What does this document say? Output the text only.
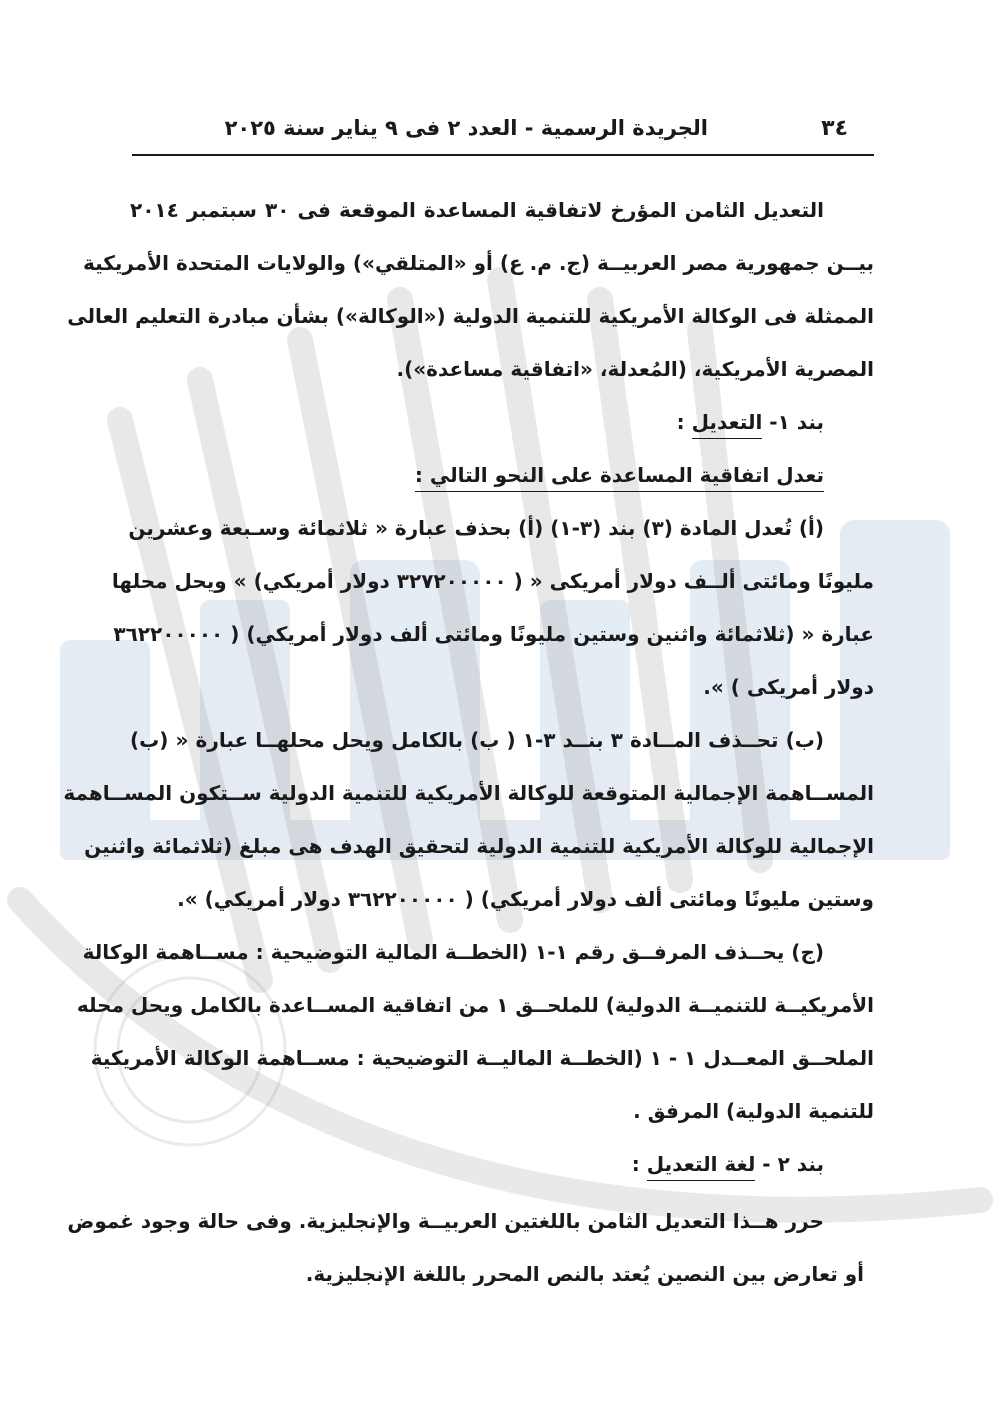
٣٤
الجريدة الرسمية - العدد ٢ فى ٩ يناير سنة ٢٠٢٥
التعديل الثامن المؤرخ لاتفاقية المساعدة الموقعة فى ٣٠ سبتمبر ٢٠١٤
بيــن جمهورية مصر العربيــة (ج. م. ع) أو «المتلقي») والولايات المتحدة الأمريكية
الممثلة فى الوكالة الأمريكية للتنمية الدولية («الوكالة») بشأن مبادرة التعليم العالى
المصرية الأمريكية، (المُعدلة، «اتفاقية مساعدة»).
بند ١- التعديل :
تعدل اتفاقية المساعدة على النحو التالي :
(أ) تُعدل المادة (٣) بند (٣-١) (أ) بحذف عبارة « ثلاثمائة وسـبعة وعشرين
مليونًا ومائتى ألــف دولار أمريكى « ( ٣٢٧٢٠٠٠٠٠ دولار أمريكي) » ويحل محلها
عبارة « (ثلاثمائة واثنين وستين مليونًا ومائتى ألف دولار أمريكي) ( ٣٦٢٢٠٠٠٠٠
دولار أمريكى ) ».
(ب) تحــذف المــادة ٣ بنــد ٣-١ ( ب) بالكامل ويحل محلهــا عبارة « (ب)
المســاهمة الإجمالية المتوقعة للوكالة الأمريكية للتنمية الدولية ســتكون المســاهمة
الإجمالية للوكالة الأمريكية للتنمية الدولية لتحقيق الهدف هى مبلغ (ثلاثمائة واثنين
وستين مليونًا ومائتى ألف دولار أمريكي) ( ٣٦٢٢٠٠٠٠٠ دولار أمريكي) ».
(ج) يحــذف المرفــق رقم ١-١ (الخطــة المالية التوضيحية : مســاهمة الوكالة
الأمريكيــة للتنميــة الدولية) للملحــق ١ من اتفاقية المســاعدة بالكامل ويحل محله
الملحــق المعــدل ١ - ١ (الخطــة الماليــة التوضيحية : مســاهمة الوكالة الأمريكية
للتنمية الدولية) المرفق .
بند ٢ - لغة التعديل :
حرر هــذا التعديل الثامن باللغتين العربيــة والإنجليزية. وفى حالة وجود غموض
أو تعارض بين النصين يُعتد بالنص المحرر باللغة الإنجليزية.
